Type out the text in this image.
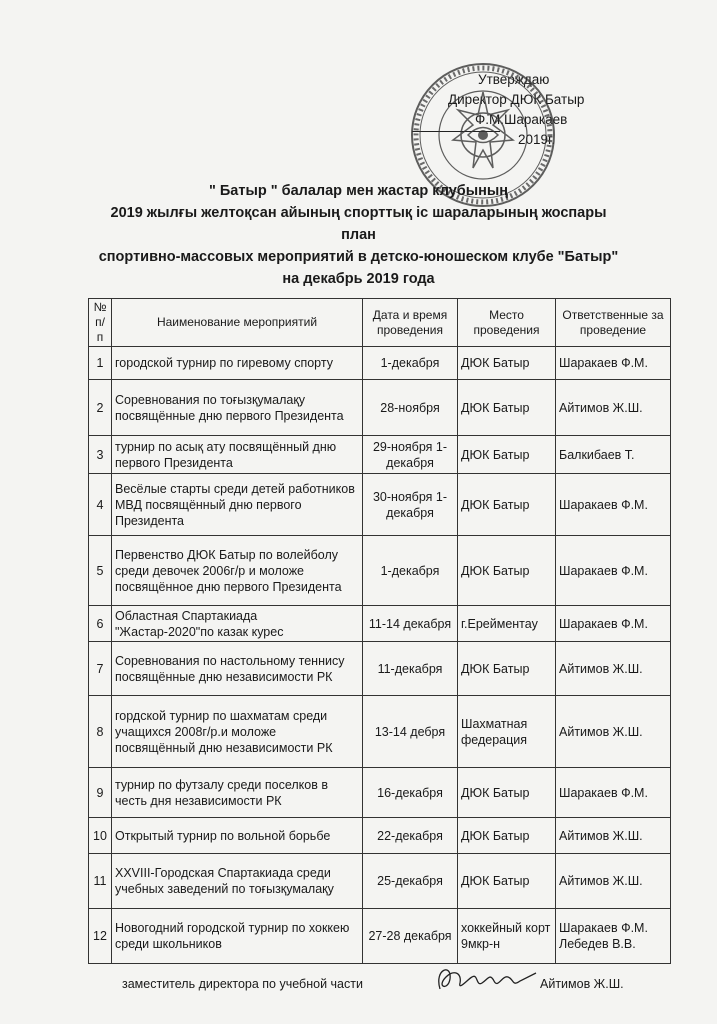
Утверждаю
Директор ДЮК Батыр
Ф.М.Шаракаев
2019г.
" Батыр " балалар мен жастар клубының
2019 жылғы желтоқсан айының спорттық іс шараларының жоспары
план
спортивно-массовых мероприятий в детско-юношеском клубе "Батыр"
на декабрь 2019 года
№ п/п	Наименование мероприятий	Дата и время проведения	Место проведения	Ответственные за проведение
1	городской турнир по гиревому спорту	1-декабря	ДЮК Батыр	Шаракаев Ф.М.
2	Соревнования по тоғызқумалақу посвящённые дню первого Президента	28-ноября	ДЮК Батыр	Айтимов Ж.Ш.
3	турнир по асық ату посвящённый дню первого Президента	29-ноября 1-декабря	ДЮК Батыр	Балкибаев Т.
4	Весёлые старты среди детей работников МВД посвящённый дню первого Президента	30-ноября 1-декабря	ДЮК Батыр	Шаракаев Ф.М.
5	Первенство ДЮК Батыр по волейболу среди девочек 2006г/р и моложе посвящённое дню первого Президента	1-декабря	ДЮК Батыр	Шаракаев Ф.М.
6	Областная Спартакиада "Жастар-2020"по казак курес	11-14 декабря	г.Ерейментау	Шаракаев Ф.М.
7	Соревнования по настольному теннису посвящённые дню независимости РК	11-декабря	ДЮК Батыр	Айтимов Ж.Ш.
8	гордской турнир по шахматам среди учащихся 2008г/р.и моложе посвящённый дню независимости РК	13-14 дебря	Шахматная федерация	Айтимов Ж.Ш.
9	турнир по футзалу среди поселков в честь дня независимости РК	16-декабря	ДЮК Батыр	Шаракаев Ф.М.
10	Открытый турнир по вольной борьбе	22-декабря	ДЮК Батыр	Айтимов Ж.Ш.
11	XXVIII-Городская Спартакиада среди учебных заведений по тоғызқумалақу	25-декабря	ДЮК Батыр	Айтимов Ж.Ш.
12	Новогодний городской турнир по хоккею среди школьников	27-28 декабря	хоккейный корт 9мкр-н	Шаракаев Ф.М. Лебедев В.В.
заместитель директора по учебной части	Айтимов Ж.Ш.
